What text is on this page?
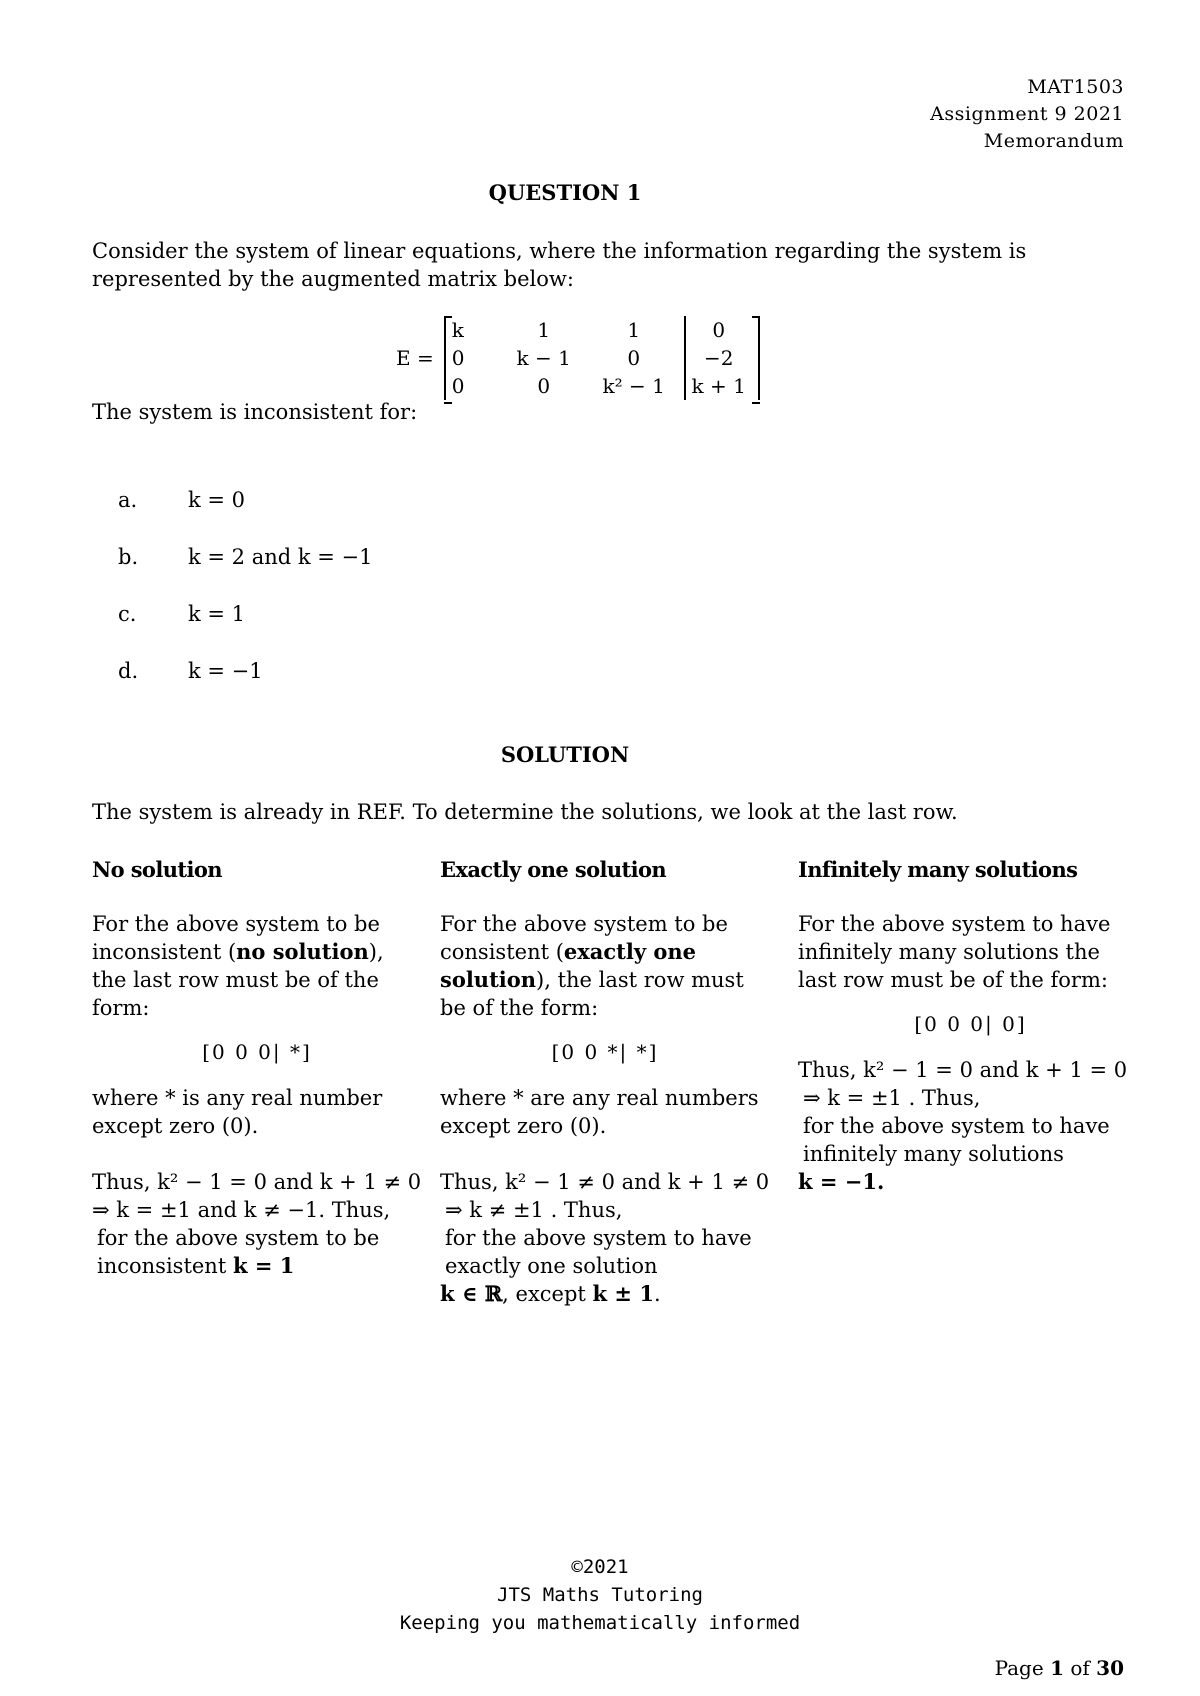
MAT1503
Assignment 9 2021
Memorandum
QUESTION 1
Consider the system of linear equations, where the information regarding the system is
represented by the augmented matrix below:
E =
k	1	1	0
0	k − 1	0	−2
0	0	k² − 1	k + 1
The system is inconsistent for:
a.	k = 0
b.	k = 2 and k = −1
c.	k = 1
d.	k = −1
SOLUTION
The system is already in REF. To determine the solutions, we look at the last row.
No solution

For the above system to be inconsistent (no solution), the last row must be of the form:

[0 0 0| *]

where * is any real number except zero (0).

Thus, k² − 1 = 0 and k + 1 ≠ 0

⇒ k = ±1 and k ≠ −1. Thus,

for the above system to be inconsistent k = 1

Exactly one solution

For the above system to be consistent (exactly one solution), the last row must be of the form:

[0 0 *| *]

where * are any real numbers except zero (0).

Thus, k² − 1 ≠ 0 and k + 1 ≠ 0

⇒ k ≠ ±1 . Thus,

for the above system to have exactly one solution

k ∈ ℝ, except k ± 1.

Infinitely many solutions

For the above system to have infinitely many solutions the last row must be of the form:

[0 0 0| 0]

Thus, k² − 1 = 0 and k + 1 = 0

⇒ k = ±1 . Thus,

for the above system to have infinitely many solutions

k = −1.

©2021
JTS Maths Tutoring
Keeping you mathematically informed
Page 1 of 30
